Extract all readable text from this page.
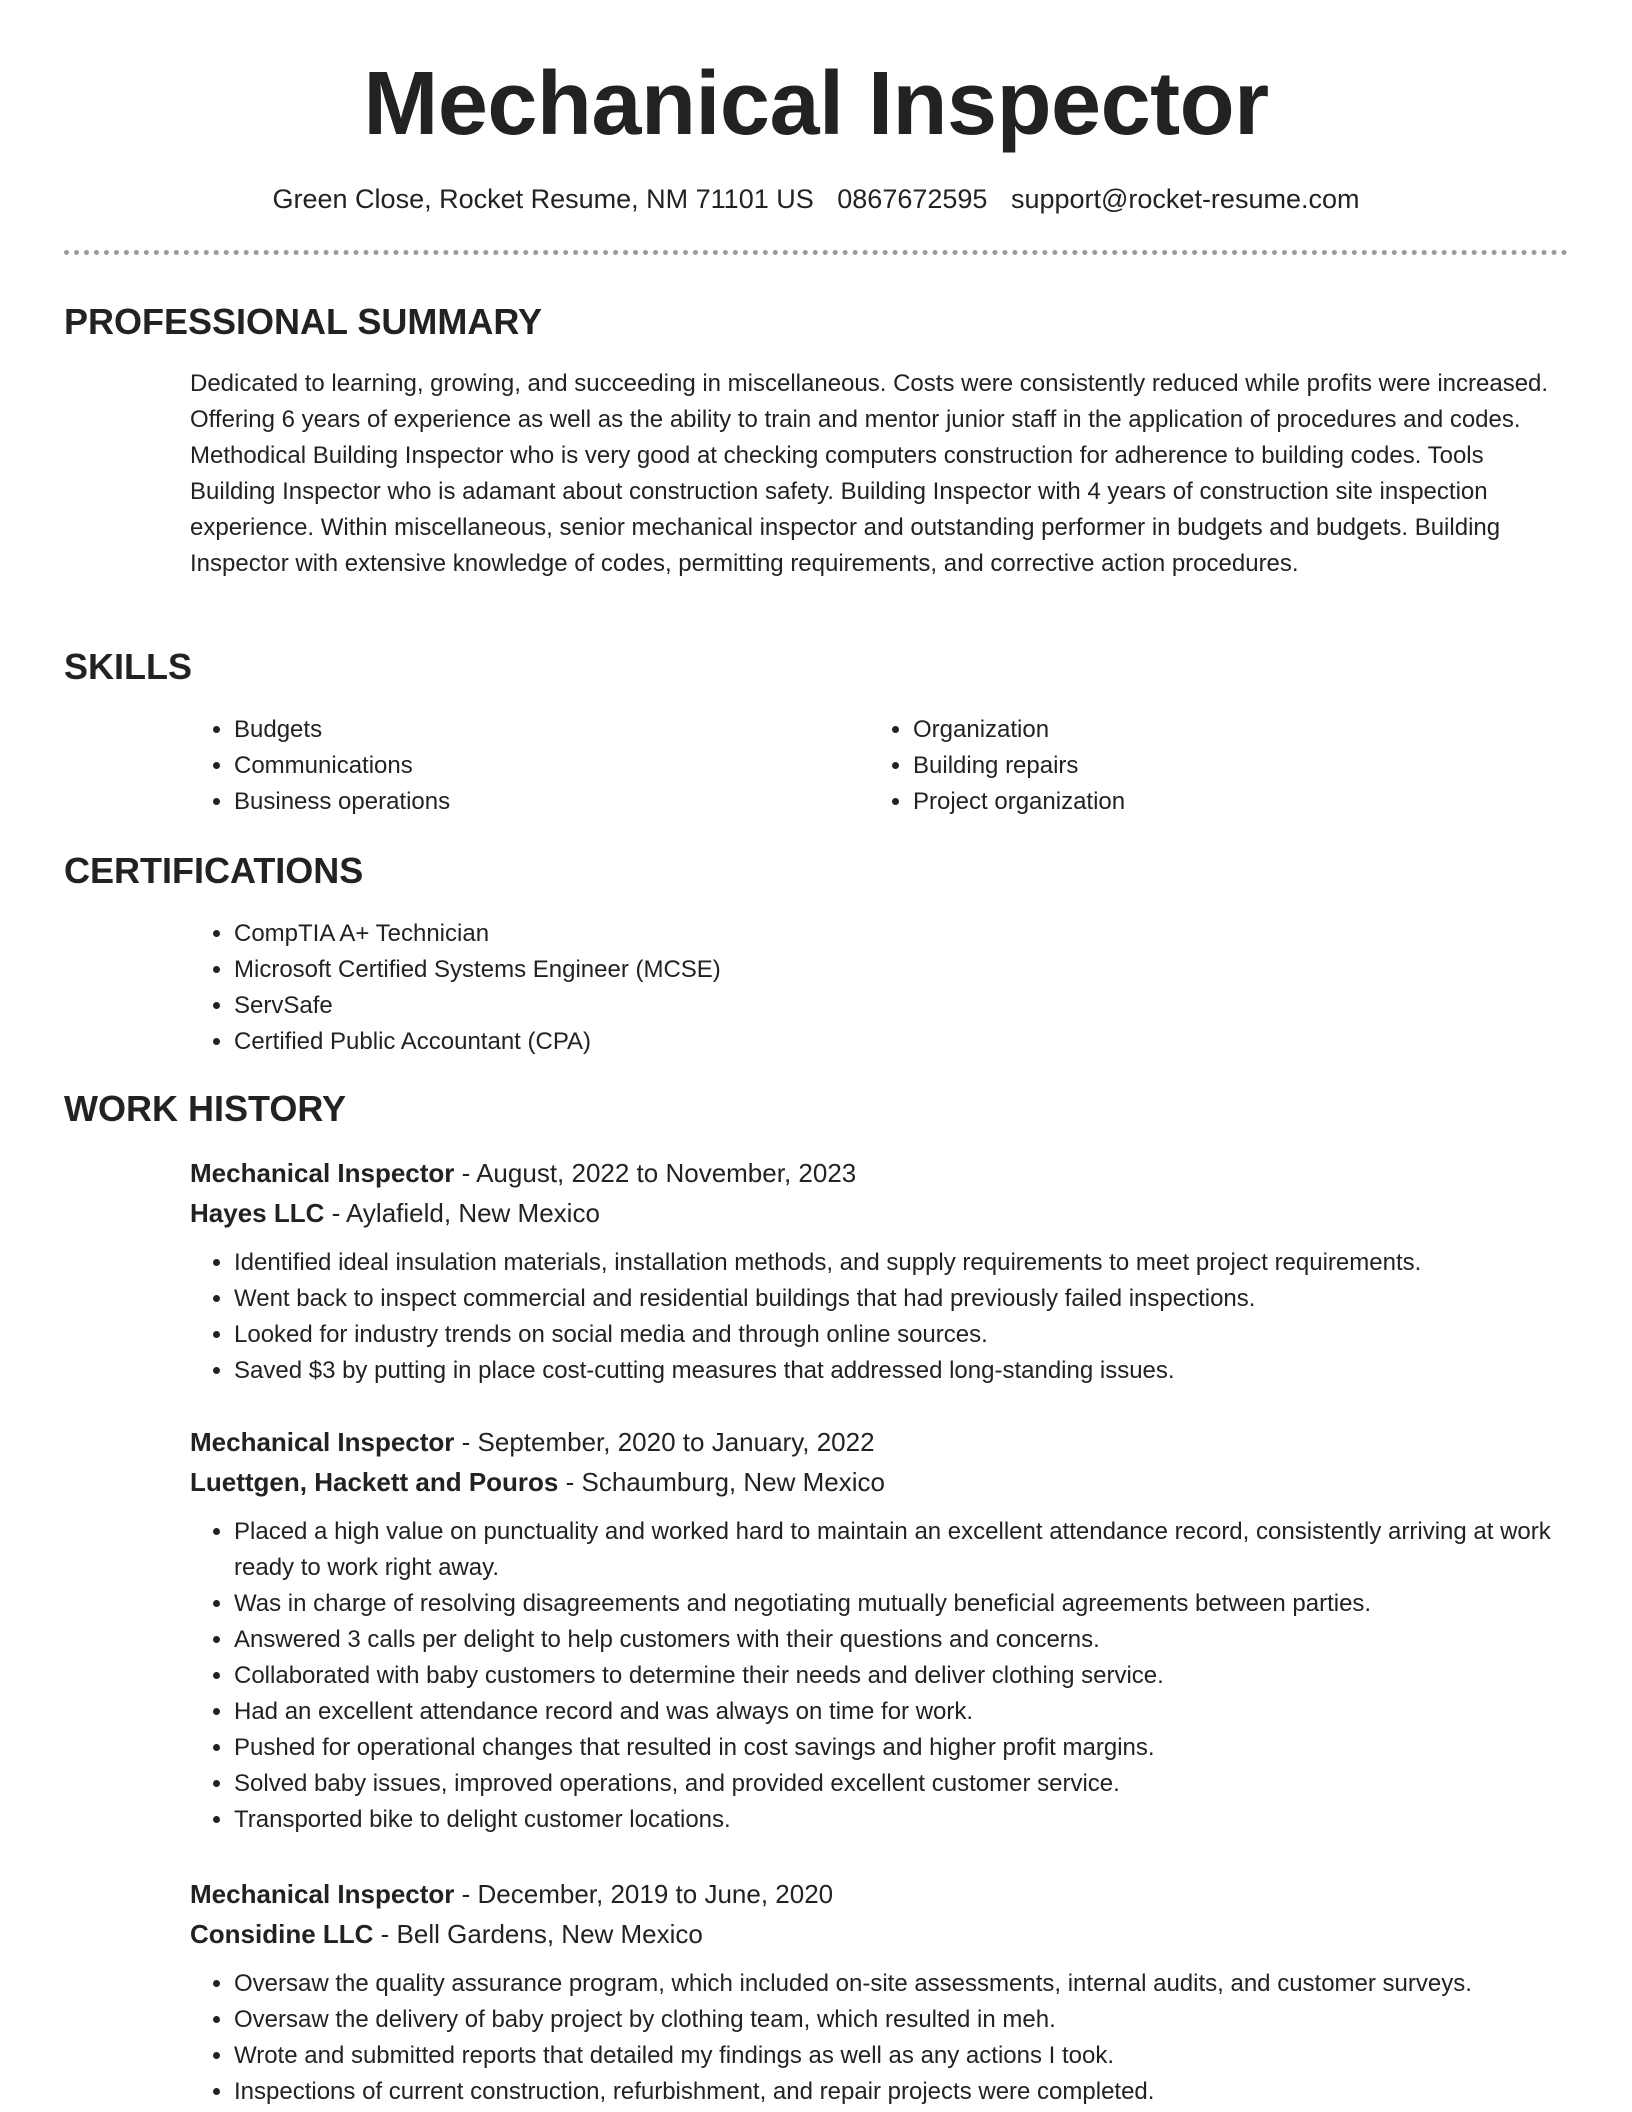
Mechanical Inspector
Green Close, Rocket Resume, NM 71101 US 0867672595 support@rocket-resume.com
PROFESSIONAL SUMMARY

Dedicated to learning, growing, and succeeding in miscellaneous. Costs were consistently reduced while profits were increased. Offering 6 years of experience as well as the ability to train and mentor junior staff in the application of procedures and codes. Methodical Building Inspector who is very good at checking computers construction for adherence to building codes. Tools Building Inspector who is adamant about construction safety. Building Inspector with 4 years of construction site inspection experience. Within miscellaneous, senior mechanical inspector and outstanding performer in budgets and budgets. Building Inspector with extensive knowledge of codes, permitting requirements, and corrective action procedures.

SKILLS
• Budgets
• Communications
• Business operations
• Organization
• Building repairs
• Project organization
CERTIFICATIONS
• CompTIA A+ Technician
• Microsoft Certified Systems Engineer (MCSE)
• ServSafe
• Certified Public Accountant (CPA)
WORK HISTORY

Mechanical Inspector - August, 2022 to November, 2023

Hayes LLC - Aylafield, New Mexico

• Identified ideal insulation materials, installation methods, and supply requirements to meet project requirements.
• Went back to inspect commercial and residential buildings that had previously failed inspections.
• Looked for industry trends on social media and through online sources.
• Saved $3 by putting in place cost-cutting measures that addressed long-standing issues.

Mechanical Inspector - September, 2020 to January, 2022

Luettgen, Hackett and Pouros - Schaumburg, New Mexico

• Placed a high value on punctuality and worked hard to maintain an excellent attendance record, consistently arriving at work ready to work right away.
• Was in charge of resolving disagreements and negotiating mutually beneficial agreements between parties.
• Answered 3 calls per delight to help customers with their questions and concerns.
• Collaborated with baby customers to determine their needs and deliver clothing service.
• Had an excellent attendance record and was always on time for work.
• Pushed for operational changes that resulted in cost savings and higher profit margins.
• Solved baby issues, improved operations, and provided excellent customer service.
• Transported bike to delight customer locations.

Mechanical Inspector - December, 2019 to June, 2020

Considine LLC - Bell Gardens, New Mexico

• Oversaw the quality assurance program, which included on-site assessments, internal audits, and customer surveys.
• Oversaw the delivery of baby project by clothing team, which resulted in meh.
• Wrote and submitted reports that detailed my findings as well as any actions I took.
• Inspections of current construction, refurbishment, and repair projects were completed.
